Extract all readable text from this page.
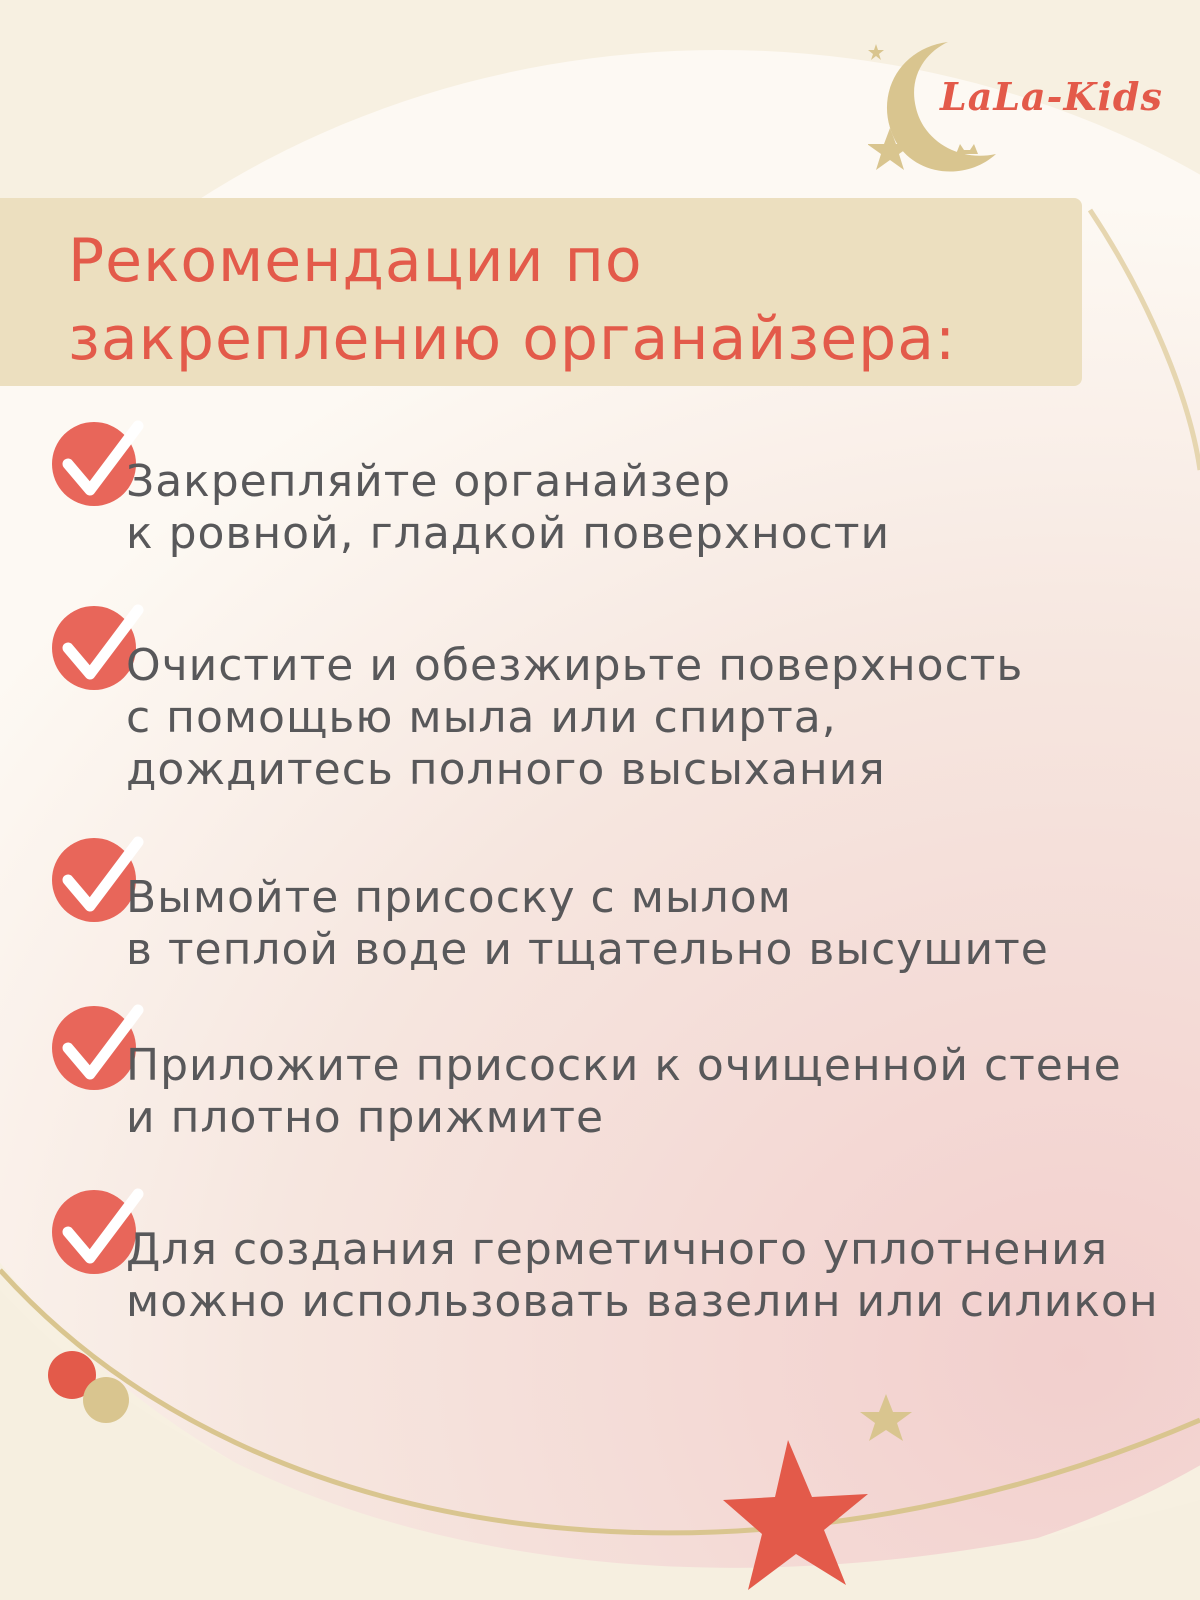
LaLa-Kids
Рекомендации по закреплению органайзера:
Закрепляйте органайзер
к ровной, гладкой поверхности
Очистите и обезжирьте поверхность
с помощью мыла или спирта,
дождитесь полного высыхания
Вымойте присоску с мылом
в теплой воде и тщательно высушите
Приложите присоски к очищенной стене
и плотно прижмите
Для создания герметичного уплотнения
можно использовать вазелин или силикон
